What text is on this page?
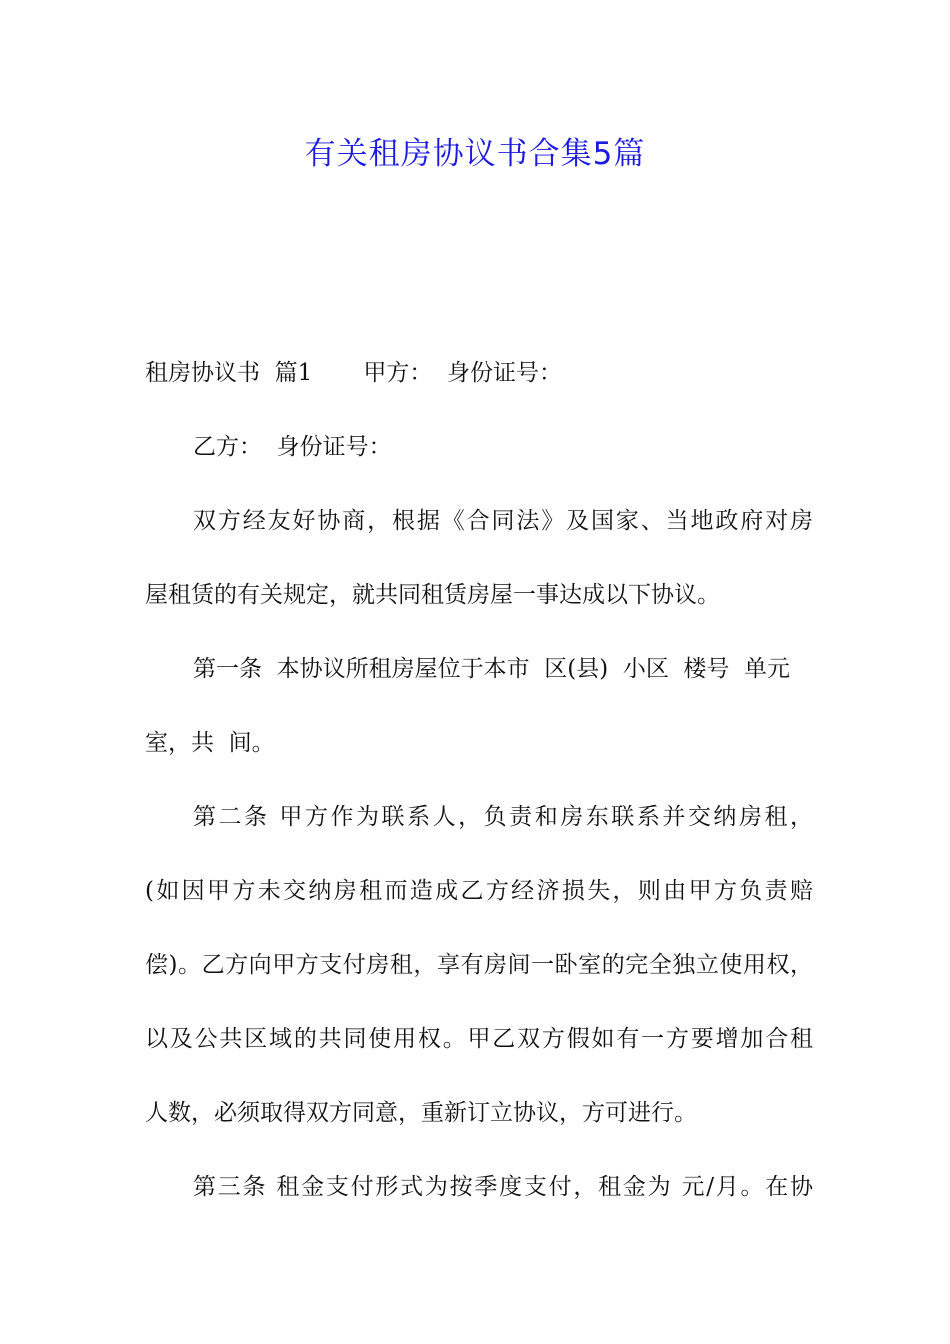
有关租房协议书合集5篇
租房协议书  篇1       甲方：  身份证号：
乙方：  身份证号：
双方经友好协商，根据《合同法》及国家、当地政府对房
屋租赁的有关规定，就共同租赁房屋一事达成以下协议。
第一条  本协议所租房屋位于本市  区(县)  小区  楼号  单元
室，共  间。
第二条 甲方作为联系人，负责和房东联系并交纳房租，
(如因甲方未交纳房租而造成乙方经济损失，则由甲方负责赔
偿)。乙方向甲方支付房租，享有房间一卧室的完全独立使用权，
以及公共区域的共同使用权。甲乙双方假如有一方要增加合租
人数，必须取得双方同意，重新订立协议，方可进行。
第三条 租金支付形式为按季度支付，租金为 元/月。在协
